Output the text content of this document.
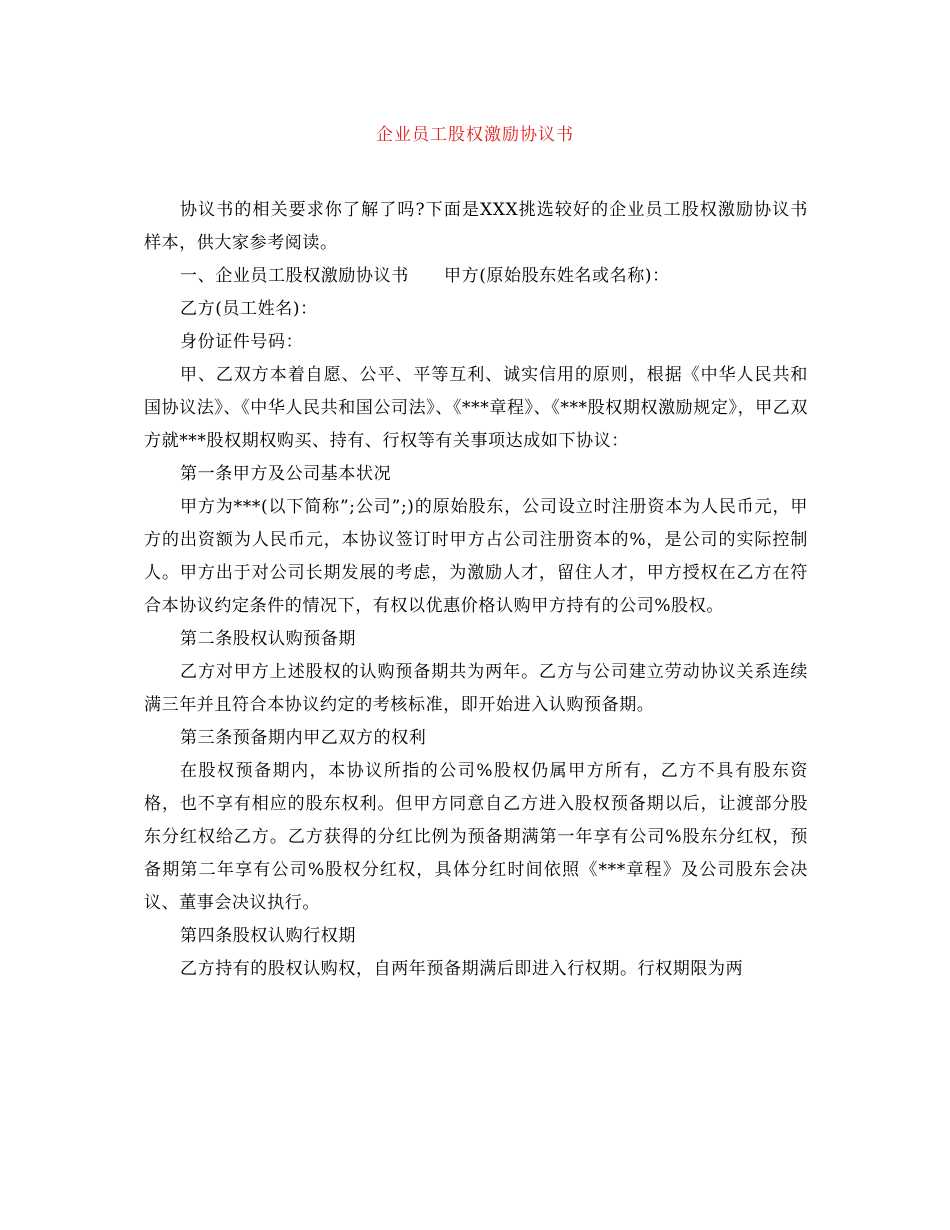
企业员工股权激励协议书

协议书的相关要求你了解了吗?下面是XXX挑选较好的企业员工股权激励协议书样本，供大家参考阅读。

一、企业员工股权激励协议书　　甲方(原始股东姓名或名称)：

乙方(员工姓名)：

身份证件号码：

甲、乙双方本着自愿、公平、平等互利、诚实信用的原则，根据《中华人民共和国协议法》、《中华人民共和国公司法》、《***章程》、《***股权期权激励规定》，甲乙双方就***股权期权购买、持有、行权等有关事项达成如下协议：

第一条甲方及公司基本状况

甲方为***(以下简称”;公司”;)的原始股东，公司设立时注册资本为人民币元，甲方的出资额为人民币元，本协议签订时甲方占公司注册资本的%，是公司的实际控制人。甲方出于对公司长期发展的考虑，为激励人才，留住人才，甲方授权在乙方在符合本协议约定条件的情况下，有权以优惠价格认购甲方持有的公司%股权。

第二条股权认购预备期

乙方对甲方上述股权的认购预备期共为两年。乙方与公司建立劳动协议关系连续满三年并且符合本协议约定的考核标准，即开始进入认购预备期。

第三条预备期内甲乙双方的权利

在股权预备期内，本协议所指的公司%股权仍属甲方所有，乙方不具有股东资格，也不享有相应的股东权利。但甲方同意自乙方进入股权预备期以后，让渡部分股东分红权给乙方。乙方获得的分红比例为预备期满第一年享有公司%股东分红权，预备期第二年享有公司%股权分红权，具体分红时间依照《***章程》及公司股东会决议、董事会决议执行。

第四条股权认购行权期

乙方持有的股权认购权，自两年预备期满后即进入行权期。行权期限为两
